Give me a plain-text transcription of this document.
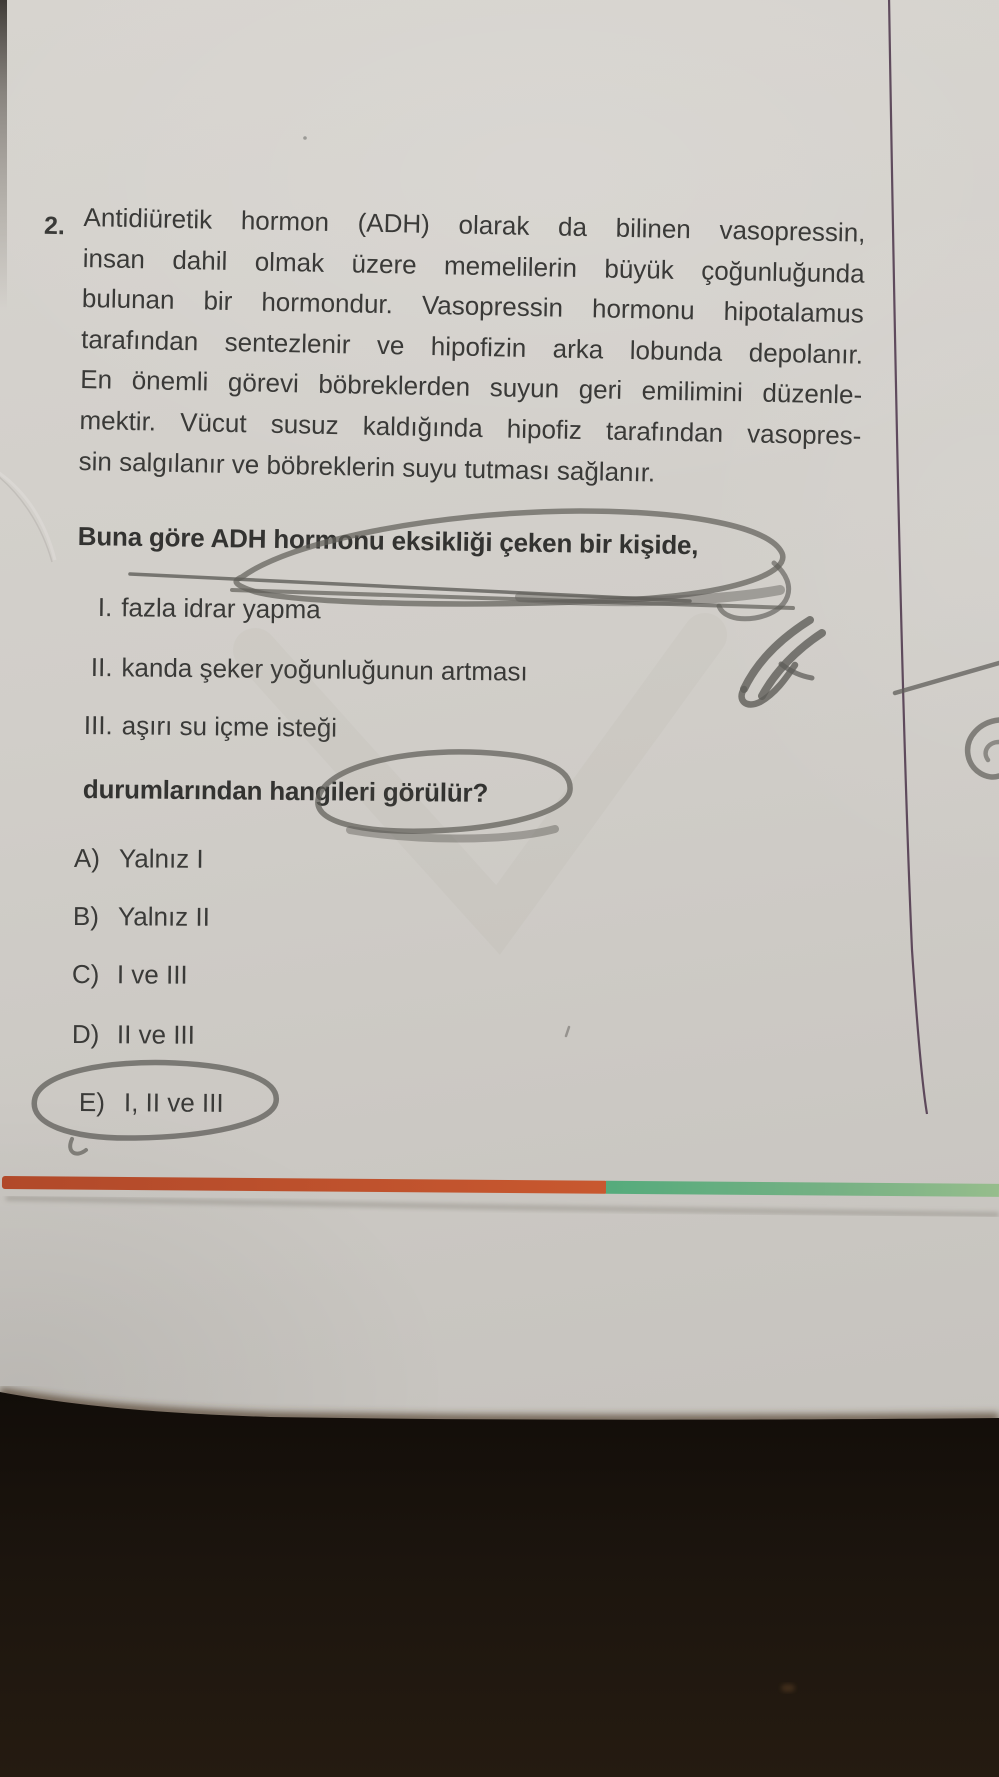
2. Antidiüretik hormon (ADH) olarak da bilinen vasopressin,
insan dahil olmak üzere memelilerin büyük çoğunluğunda
bulunan bir hormondur. Vasopressin hormonu hipotalamus
tarafından sentezlenir ve hipofizin arka lobunda depolanır.
En önemli görevi böbreklerden suyun geri emilimini düzenle-
mektir. Vücut susuz kaldığında hipofiz tarafından vasopres-
sin salgılanır ve böbreklerin suyu tutması sağlanır.
Buna göre ADH hormonu eksikliği çeken bir kişide,
I. fazla idrar yapma
II. kanda şeker yoğunluğunun artması
III. aşırı su içme isteği
durumlarından hangileri görülür?
A) Yalnız I
B) Yalnız II
C) I ve III
D) II ve III
E) I, II ve III
